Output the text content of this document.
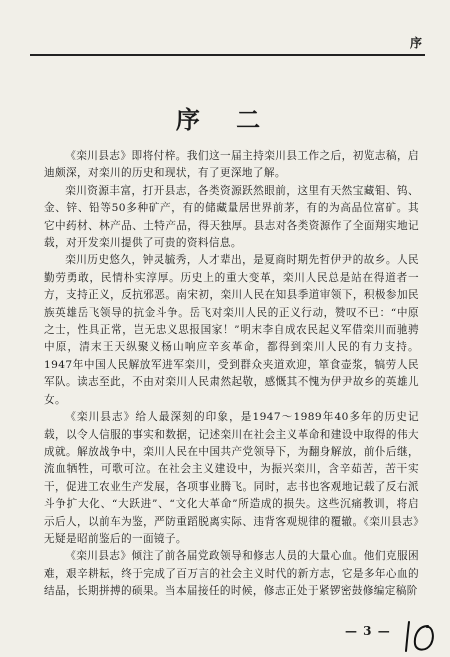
序
序 二

《栾川县志》即将付梓。我们这一届主持栾川县工作之后，初览志稿，启迪颇深，对栾川的历史和现状，有了更深地了解。

栾川资源丰富，打开县志，各类资源跃然眼前，这里有天然宝藏钼、钨、金、锌、铅等50多种矿产，有的储藏量居世界前茅，有的为高品位富矿。其它中药材、林产品、土特产品，得天独厚。县志对各类资源作了全面翔实地记载，对开发栾川提供了可贵的资料信息。

栾川历史悠久，钟灵毓秀，人才辈出，是夏商时期先哲伊尹的故乡。人民勤劳勇敢，民情朴实淳厚。历史上的重大变革，栾川人民总是站在得道者一方，支持正义，反抗邪恶。南宋初，栾川人民在知县季道审领下，积极参加民族英雄岳飞领导的抗金斗争。岳飞对栾川人民的正义行动，赞叹不已：“中原之士，性具正常，岂无忠义思报国家！”明末李自成农民起义军借栾川而驰骋中原，清末王天纵聚义杨山响应辛亥革命，都得到栾川人民的有力支持。1947年中国人民解放军进军栾川，受到群众夹道欢迎，箪食壶浆，犒劳人民军队。读志至此，不由对栾川人民肃然起敬，感慨其不愧为伊尹故乡的英雄儿女。

《栾川县志》给人最深刻的印象，是1947～1989年40多年的历史记载，以令人信服的事实和数据，记述栾川在社会主义革命和建设中取得的伟大成就。解放战争中，栾川人民在中国共产党领导下，为翻身解放，前仆后继，流血牺牲，可歌可泣。在社会主义建设中，为振兴栾川，含辛茹苦，苦干实干，促进工农业生产发展，各项事业腾飞。同时，志书也客观地记载了反右派斗争扩大化、“大跃进”、“文化大革命”所造成的损失。这些沉痛教训，将启示后人，以前车为鉴，严防重蹈脱离实际、违背客观规律的覆辙。《栾川县志》无疑是昭前鉴后的一面镜子。

《栾川县志》倾注了前各届党政领导和修志人员的大量心血。他们克服困难，艰辛耕耘，终于完成了百万言的社会主义时代的新方志，它是多年心血的结晶，长期拼搏的硕果。当本届接任的时候，修志正处于紧锣密鼓修编定稿阶

— 3 —
